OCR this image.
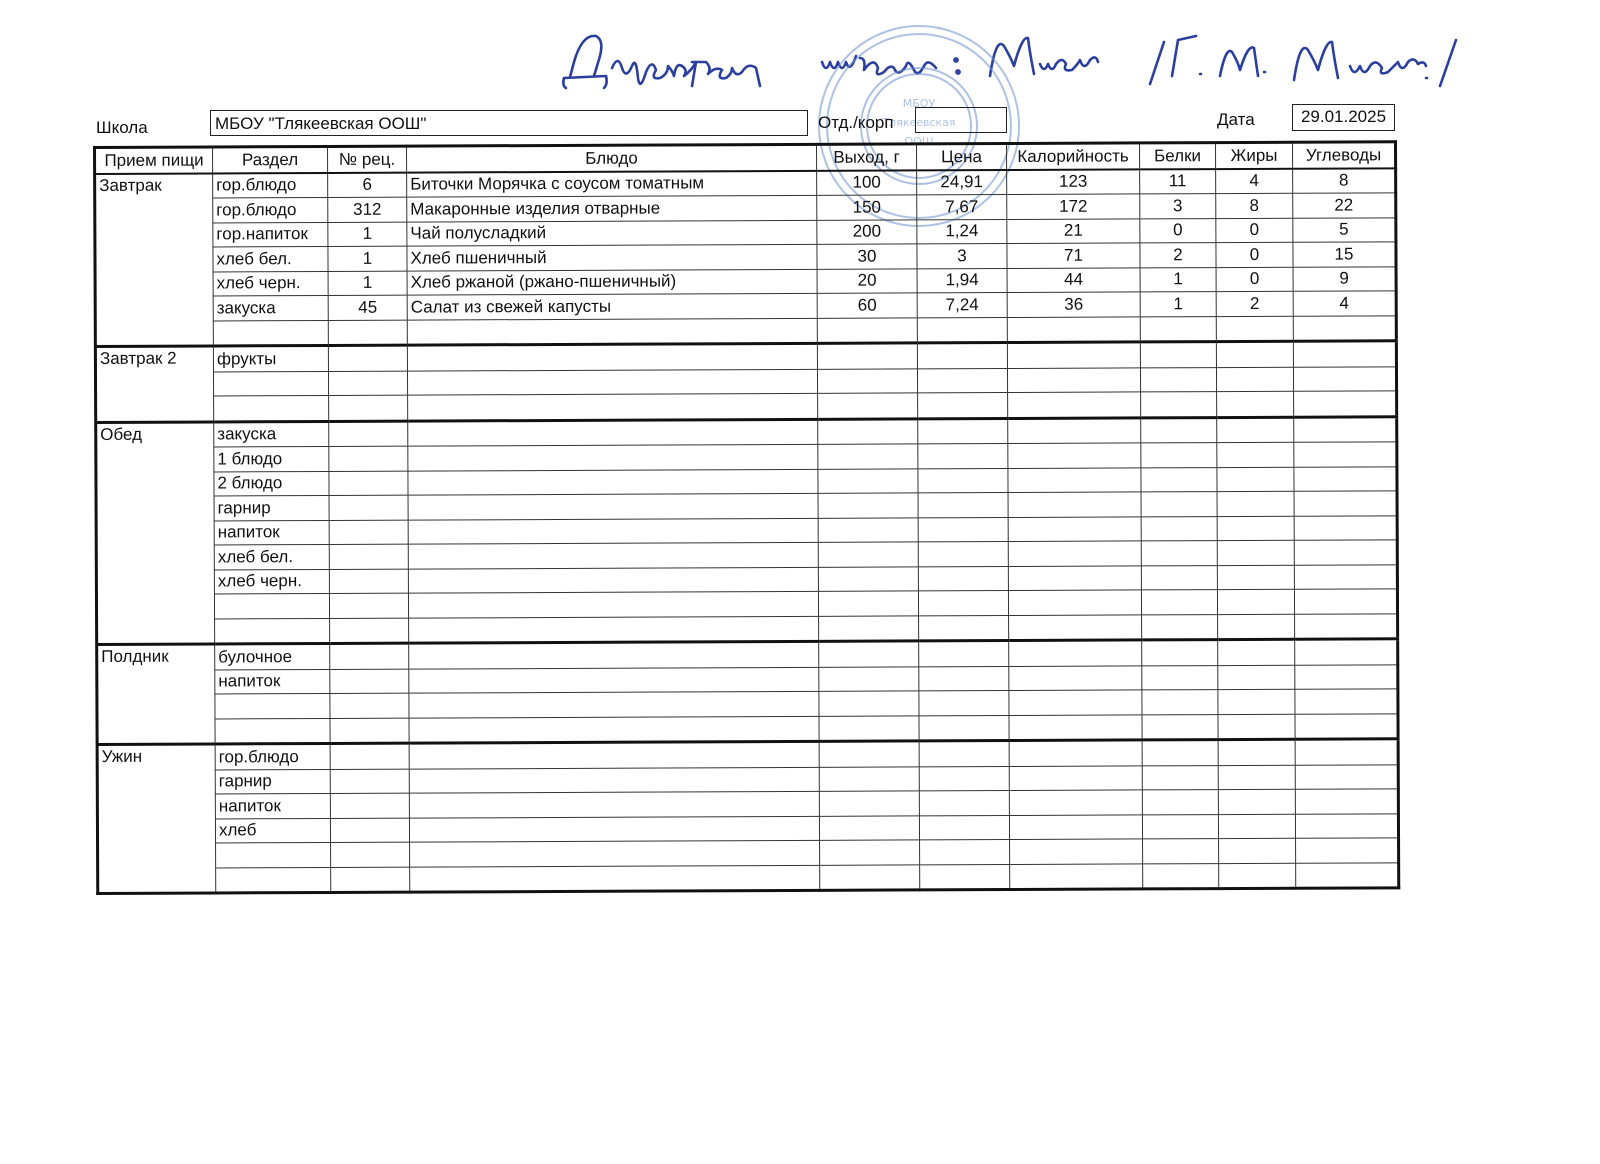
МБОУ
Тлякеевская
ООШ
Школа	МБОУ "Тлякеевская ООШ"	Отд./корп	Дата	29.01.2025
Прием пищи	Раздел	№ рец.	Блюдо	Выход, г	Цена	Калорийность	Белки	Жиры	Углеводы
Завтрак	гор.блюдо	6	Биточки Морячка с соусом томатным	100	24,91	123	11	4	8
	гор.блюдо	312	Макаронные изделия отварные	150	7,67	172	3	8	22
	гор.напиток	1	Чай полусладкий	200	1,24	21	0	0	5
	хлеб бел.	1	Хлеб пшеничный	30	3	71	2	0	15
	хлеб черн.	1	Хлеб ржаной (ржано-пшеничный)	20	1,94	44	1	0	9
	закуска	45	Салат из свежей капусты	60	7,24	36	1	2	4

Завтрак 2	фрукты								

Обед	закуска								
	1 блюдо								
	2 блюдо								
	гарнир								
	напиток								
	хлеб бел.								
	хлеб черн.								

Полдник	булочное								
	напиток								

Ужин	гор.блюдо								
	гарнир								
	напиток								
	хлеб								
